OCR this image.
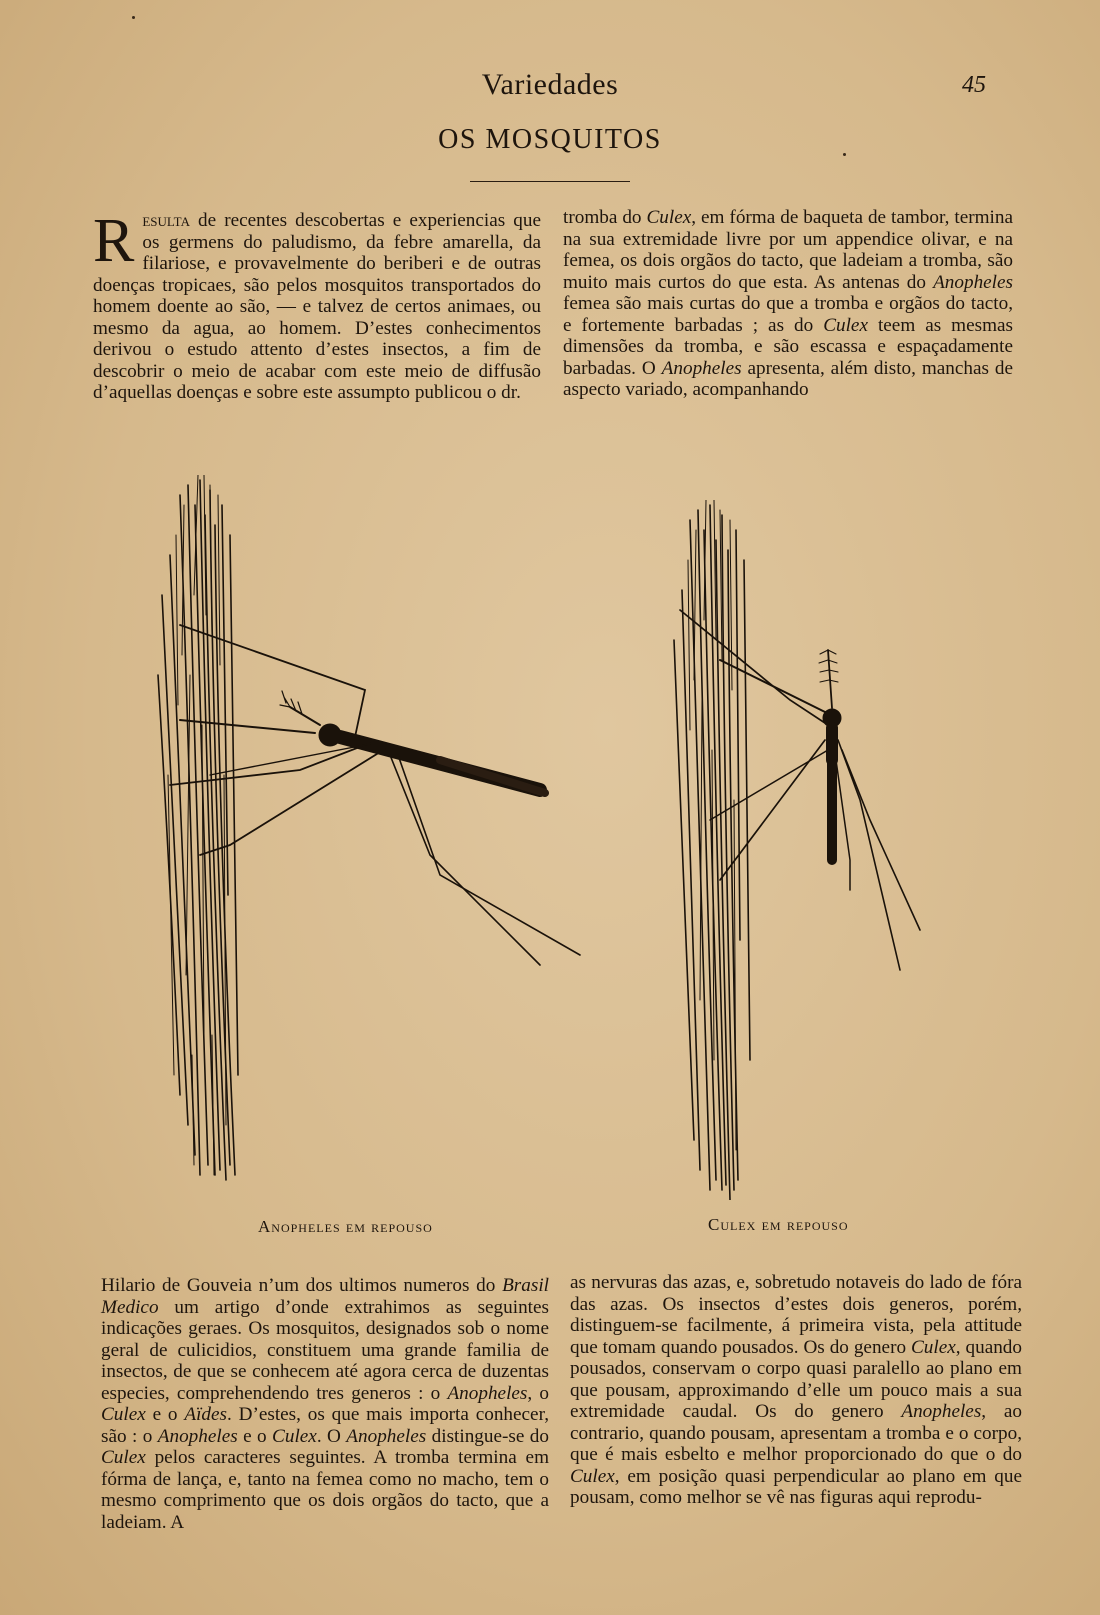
Variedades	45
OS MOSQUITOS

Resulta de recentes descobertas e experiencias que os germens do paludismo, da febre amarella, da filariose, e provavelmente do beriberi e de outras doenças tropicaes, são pelos mosquitos transportados do homem doente ao são, — e talvez de certos animaes, ou mesmo da agua, ao homem. D’estes conhecimentos derivou o estudo attento d’estes insectos, a fim de descobrir o meio de acabar com este meio de diffusão d’aquellas doenças e sobre este assumpto publicou o dr.

tromba do Culex, em fórma de baqueta de tambor, termina na sua extremidade livre por um appendice olivar, e na femea, os dois orgãos do tacto, que ladeiam a tromba, são muito mais curtos do que esta. As antenas do Anopheles femea são mais curtas do que a tromba e orgãos do tacto, e fortemente barbadas ; as do Culex teem as mesmas dimensões da tromba, e são escassa e espaçadamente barbadas. O Anopheles apresenta, além disto, manchas de aspecto variado, acompanhando

Anopheles em repouso	Culex em repouso

Hilario de Gouveia n’um dos ultimos numeros do Brasil Medico um artigo d’onde extrahimos as seguintes indicações geraes. Os mosquitos, designados sob o nome geral de culicidios, constituem uma grande familia de insectos, de que se conhecem até agora cerca de duzentas especies, comprehendendo tres generos : o Anopheles, o Culex e o Aïdes. D’estes, os que mais importa conhecer, são : o Anopheles e o Culex. O Anopheles distingue-se do Culex pelos caracteres seguintes. A tromba termina em fórma de lança, e, tanto na femea como no macho, tem o mesmo comprimento que os dois orgãos do tacto, que a ladeiam. A

as nervuras das azas, e, sobretudo notaveis do lado de fóra das azas. Os insectos d’estes dois generos, porém, distinguem-se facilmente, á primeira vista, pela attitude que tomam quando pousados. Os do genero Culex, quando pousados, conservam o corpo quasi paralello ao plano em que pousam, approximando d’elle um pouco mais a sua extremidade caudal. Os do genero Anopheles, ao contrario, quando pousam, apresentam a tromba e o corpo, que é mais esbelto e melhor proporcionado do que o do Culex, em posição quasi perpendicular ao plano em que pousam, como melhor se vê nas figuras aqui reprodu-
